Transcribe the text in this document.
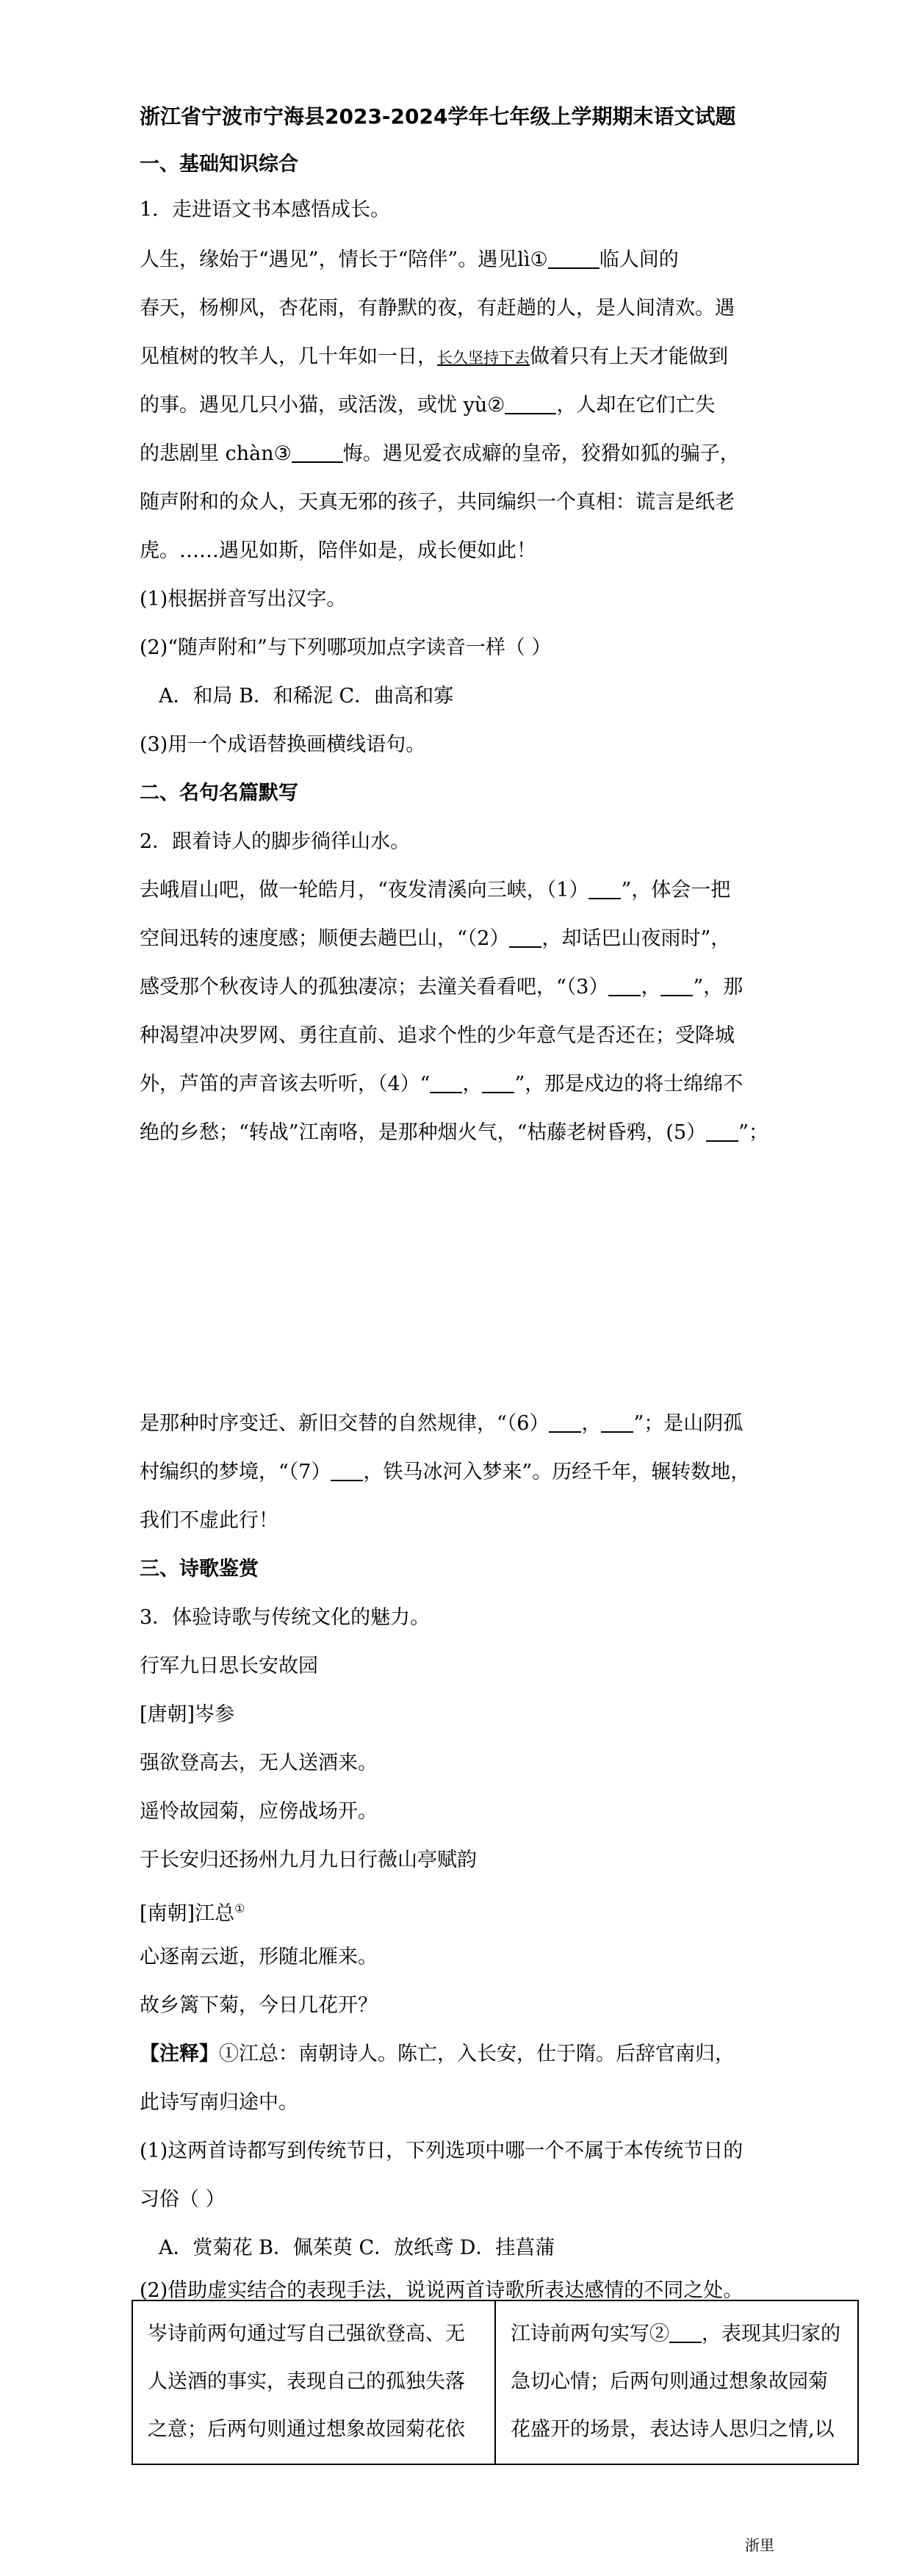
浙江省宁波市宁海县2023-2024学年七年级上学期期末语文试题
一、基础知识综合
1．走进语文书本感悟成长。
人生，缘始于“遇见”，情长于“陪伴”。遇见lì①	临人间的
春天，杨柳风，杏花雨，有静默的夜，有赶趟的人，是人间清欢。遇
见植树的牧羊人，几十年如一日，长久坚持下去做着只有上天才能做到
的事。遇见几只小猫，或活泼，或忧 yù②	，人却在它们亡失
的悲剧里 chàn③	悔。遇见爱衣成癖的皇帝，狡猾如狐的骗子，
随声附和的众人，天真无邪的孩子，共同编织一个真相：谎言是纸老
虎。……遇见如斯，陪伴如是，成长便如此！
(1)根据拼音写出汉字。
(2)“随声附和”与下列哪项加点字读音一样（ ）
A．和局 B．和稀泥 C．曲高和寡
(3)用一个成语替换画横线语句。
二、名句名篇默写
2．跟着诗人的脚步徜徉山水。
去峨眉山吧，做一轮皓月，“夜发清溪向三峡，（1） ”，体会一把
空间迅转的速度感；顺便去趟巴山，“（2） ，却话巴山夜雨时”，
感受那个秋夜诗人的孤独凄凉；去潼关看看吧，“（3） ， ”，那
种渴望冲决罗网、勇往直前、追求个性的少年意气是否还在；受降城
外，芦笛的声音该去听听，（4）“ ， ”，那是戍边的将士绵绵不
绝的乡愁；“转战”江南咯，是那种烟火气，“枯藤老树昏鸦，(5） ”；
是那种时序变迁、新旧交替的自然规律，“（6） ， ”；是山阴孤
村编织的梦境，“（7） ，铁马冰河入梦来”。历经千年，辗转数地，
我们不虚此行！
三、诗歌鉴赏
3．体验诗歌与传统文化的魅力。
行军九日思长安故园
[唐朝]岑参
强欲登高去，无人送酒来。
遥怜故园菊，应傍战场开。
于长安归还扬州九月九日行薇山亭赋韵
[南朝]江总①
心逐南云逝，形随北雁来。
故乡篱下菊，今日几花开？
【注释】①江总：南朝诗人。陈亡，入长安，仕于隋。后辞官南归，
此诗写南归途中。
(1)这两首诗都写到传统节日，下列选项中哪一个不属于本传统节日的
习俗（ ）
A．赏菊花 B．佩茱萸 C．放纸鸢 D．挂菖蒲
(2)借助虚实结合的表现手法，说说两首诗歌所表达感情的不同之处。
岑诗前两句通过写自己强欲登高、无
人送酒的事实，表现自己的孤独失落
之意；后两句则通过想象故园菊花依

江诗前两句实写② ，表现其归家的
急切心情；后两句则通过想象故园菊
花盛开的场景，表达诗人思归之情,以
浙里
